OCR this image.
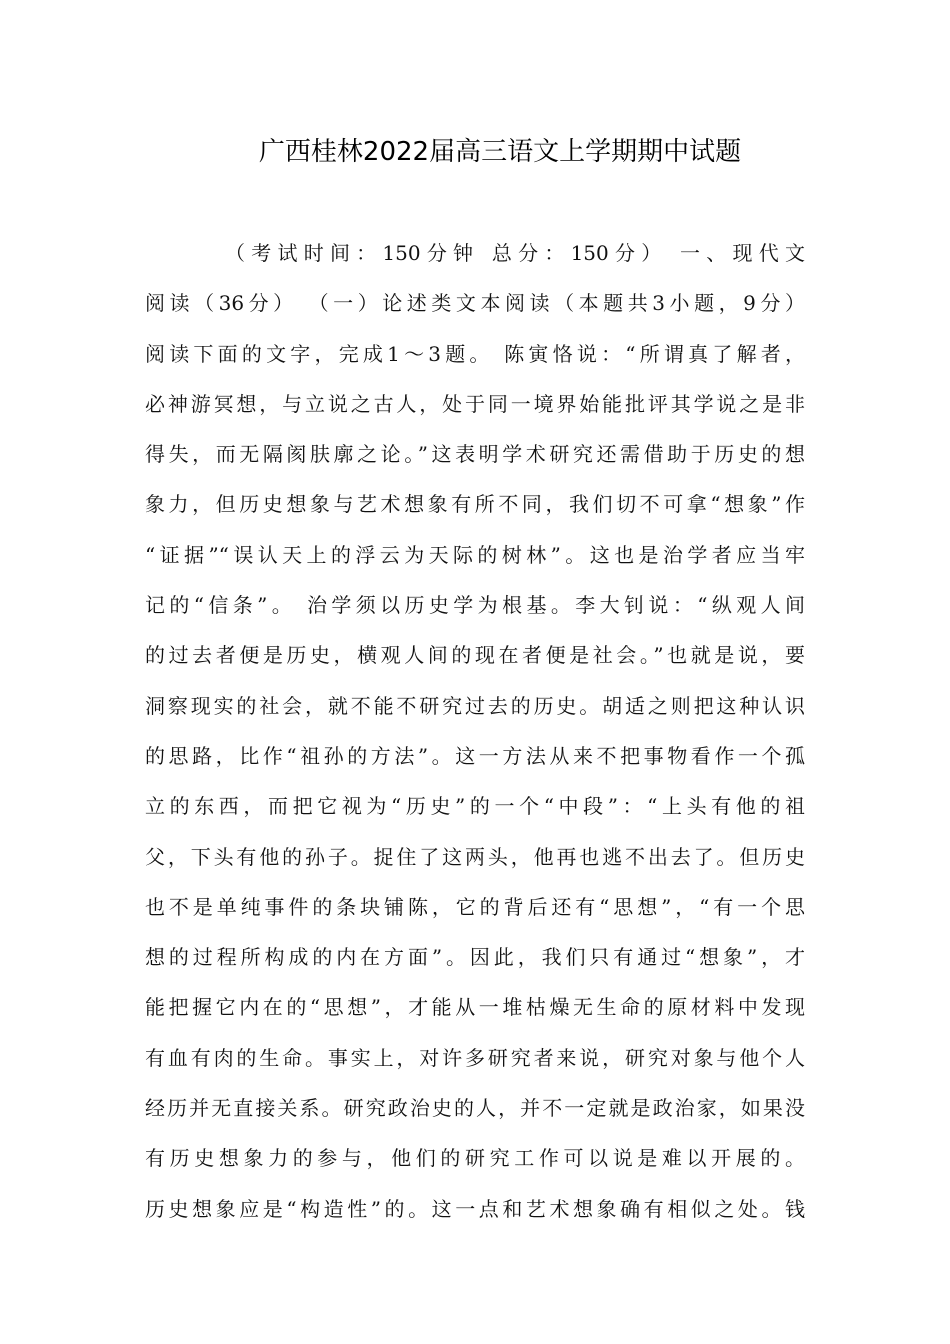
广西桂林2022届高三语文上学期期中试题
（考试时间：150分钟 总分：150分） 一、现代文
阅读（36分） （一）论述类文本阅读（本题共3小题，9分）
阅读下面的文字，完成1～3题。 陈寅恪说：“所谓真了解者，
必神游冥想，与立说之古人，处于同一境界始能批评其学说之是非
得失，而无隔阂肤廓之论。”这表明学术研究还需借助于历史的想
象力，但历史想象与艺术想象有所不同，我们切不可拿“想象”作
“证据”“误认天上的浮云为天际的树林”。这也是治学者应当牢
记的“信条”。 治学须以历史学为根基。李大钊说：“纵观人间
的过去者便是历史，横观人间的现在者便是社会。”也就是说，要
洞察现实的社会，就不能不研究过去的历史。胡适之则把这种认识
的思路，比作“祖孙的方法”。这一方法从来不把事物看作一个孤
立的东西，而把它视为“历史”的一个“中段”：“上头有他的祖
父，下头有他的孙子。捉住了这两头，他再也逃不出去了。但历史
也不是单纯事件的条块铺陈，它的背后还有“思想”，“有一个思
想的过程所构成的内在方面”。因此，我们只有通过“想象”，才
能把握它内在的“思想”，才能从一堆枯燥无生命的原材料中发现
有血有肉的生命。事实上，对许多研究者来说，研究对象与他个人
经历并无直接关系。研究政治史的人，并不一定就是政治家，如果没
有历史想象力的参与，他们的研究工作可以说是难以开展的。
历史想象应是“构造性”的。这一点和艺术想象确有相似之处。钱
